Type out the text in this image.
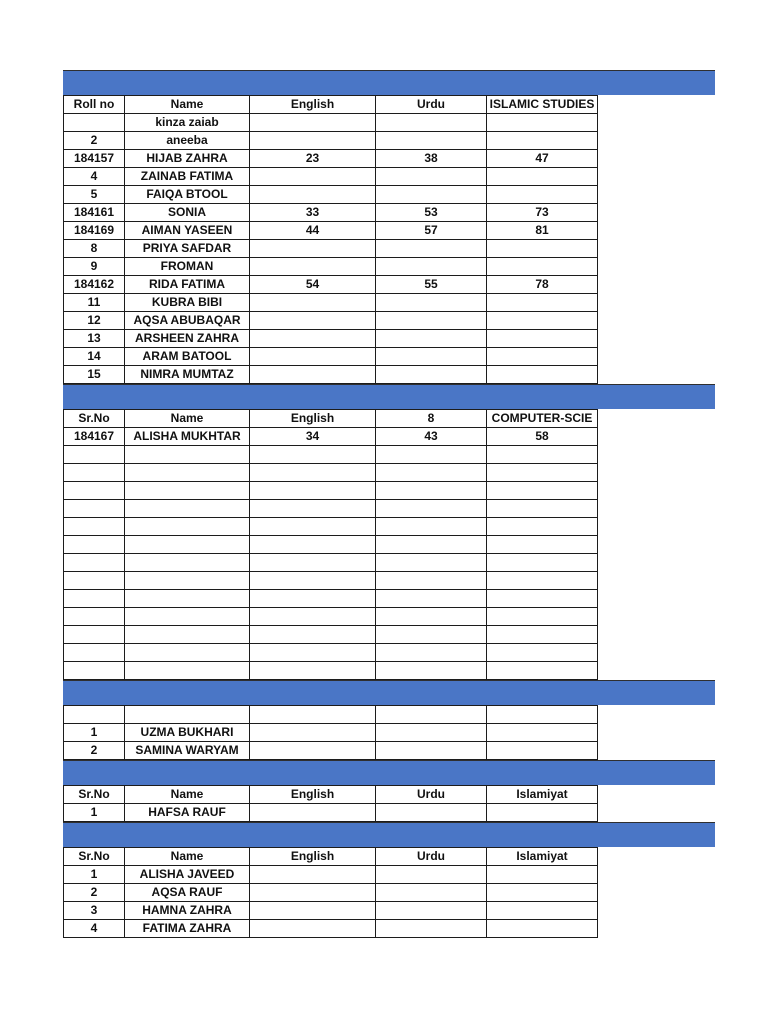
Roll no	Name	English	Urdu	ISLAMIC STUDIES
	kinza zaiab			
2	aneeba			
184157	HIJAB ZAHRA	23	38	47
4	ZAINAB FATIMA			
5	FAIQA BTOOL			
184161	SONIA	33	53	73
184169	AIMAN YASEEN	44	57	81
8	PRIYA SAFDAR			
9	FROMAN			
184162	RIDA FATIMA	54	55	78
11	KUBRA BIBI			
12	AQSA ABUBAQAR			
13	ARSHEEN ZAHRA			
14	ARAM BATOOL			
15	NIMRA MUMTAZ			
Sr.No	Name	English	8	COMPUTER-SCIE
184167	ALISHA MUKHTAR	34	43	58

1	UZMA BUKHARI			
2	SAMINA WARYAM			
Sr.No	Name	English	Urdu	Islamiyat
1	HAFSA RAUF			
Sr.No	Name	English	Urdu	Islamiyat
1	ALISHA JAVEED			
2	AQSA RAUF			
3	HAMNA ZAHRA			
4	FATIMA ZAHRA			
